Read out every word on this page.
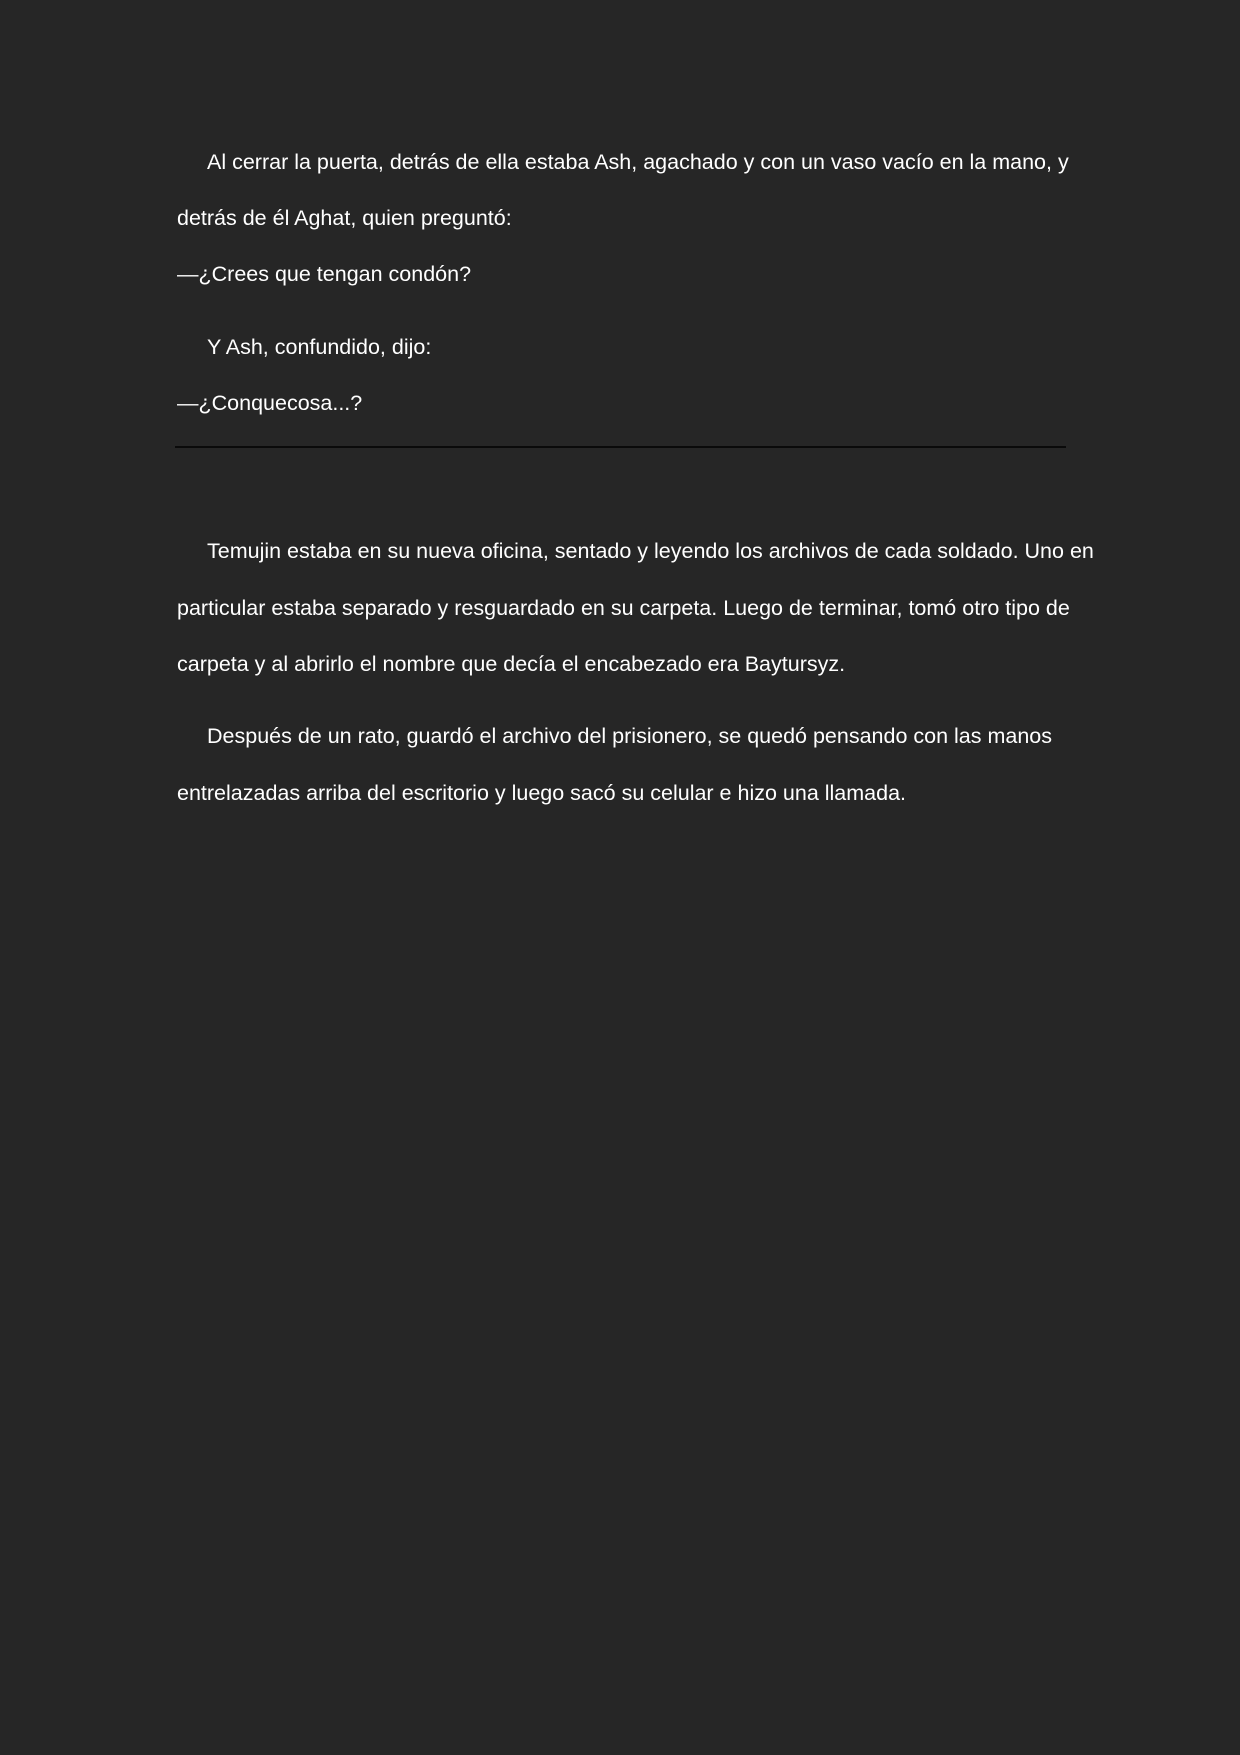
Al cerrar la puerta, detrás de ella estaba Ash, agachado y con un vaso vacío en la mano, y
detrás de él Aghat, quien preguntó:
—¿Crees que tengan condón?
Y Ash, confundido, dijo:
—¿Conquecosa...?
Temujin estaba en su nueva oficina, sentado y leyendo los archivos de cada soldado. Uno en
particular estaba separado y resguardado en su carpeta. Luego de terminar, tomó otro tipo de
carpeta y al abrirlo el nombre que decía el encabezado era Baytursyz.
Después de un rato, guardó el archivo del prisionero, se quedó pensando con las manos
entrelazadas arriba del escritorio y luego sacó su celular e hizo una llamada.
